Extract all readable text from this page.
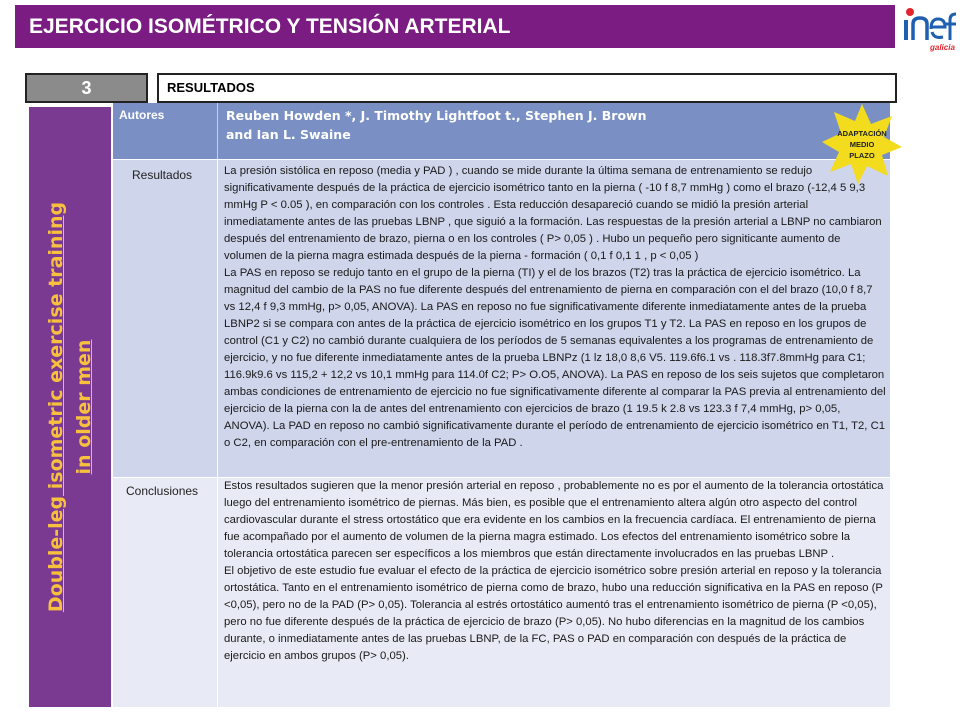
EJERCICIO ISOMÉTRICO Y TENSIÓN ARTERIAL
galicia
3	RESULTADOS
Double-leg isometric exercise training in older men
Autores	Reuben Howden *, J. Timothy Lightfoot t., Stephen J. Brown
and Ian L. Swaine
Resultados	La presión sistólica en reposo (media y PAD ) , cuando se mide durante la última semana de entrenamiento se redujo significativamente después de la práctica de ejercicio isométrico tanto en la pierna ( -10 f 8,7 mmHg ) como el brazo (-12,4 5 9,3 mmHg P < 0.05 ), en comparación con los controles . Esta reducción desapareció cuando se midió la presión arterial inmediatamente antes de las pruebas LBNP , que siguió a la formación. Las respuestas de la presión arterial a LBNP no cambiaron después del entrenamiento de brazo, pierna o en los controles ( P> 0,05 ) . Hubo un pequeño pero signiticante aumento de volumen de la pierna magra estimada después de la pierna - formación ( 0,1 f 0,1 1 , p < 0,05 )
La PAS en reposo se redujo tanto en el grupo de la pierna (TI) y el de los brazos (T2) tras la práctica de ejercicio isométrico. La magnitud del cambio de la PAS no fue diferente después del entrenamiento de pierna en comparación con el del brazo (10,0 f 8,7 vs 12,4 f 9,3 mmHg, p> 0,05, ANOVA). La PAS en reposo no fue significativamente diferente inmediatamente antes de la prueba LBNP2 si se compara con antes de la práctica de ejercicio isométrico en los grupos T1 y T2. La PAS en reposo en los grupos de control (C1 y C2) no cambió durante cualquiera de los períodos de 5 semanas equivalentes a los programas de entrenamiento de ejercicio, y no fue diferente inmediatamente antes de la prueba LBNPz (1 lz 18,0 8,6 V5. 119.6f6.1 vs . 118.3f7.8mmHg para C1; 116.9k9.6 vs 115,2 + 12,2 vs 10,1 mmHg para 114.0f C2; P> O.O5, ANOVA). La PAS en reposo de los seis sujetos que completaron ambas condiciones de entrenamiento de ejercicio no fue significativamente diferente al comparar la PAS previa al entrenamiento del ejercicio de la pierna con la de antes del entrenamiento con ejercicios de brazo (1 19.5 k 2.8 vs 123.3 f 7,4 mmHg, p> 0,05, ANOVA). La PAD en reposo no cambió significativamente durante el período de entrenamiento de ejercicio isométrico en T1, T2, C1 o C2, en comparación con el pre-entrenamiento de la PAD .
Conclusiones Estos resultados sugieren que la menor presión arterial en reposo , probablemente no es por el aumento de la tolerancia ortostática luego del entrenamiento isométrico de piernas. Más bien, es posible que el entrenamiento altera algún otro aspecto del control cardiovascular durante el stress ortostático que era evidente en los cambios en la frecuencia cardíaca. El entrenamiento de pierna fue acompañado por el aumento de volumen de la pierna magra estimado. Los efectos del entrenamiento isométrico sobre la tolerancia ortostática parecen ser específicos a los miembros que están directamente involucrados en las pruebas LBNP .
El objetivo de este estudio fue evaluar el efecto de la práctica de ejercicio isométrico sobre presión arterial en reposo y la tolerancia ortostática. Tanto en el entrenamiento isométrico de pierna como de brazo, hubo una reducción significativa en la PAS en reposo (P <0,05), pero no de la PAD (P> 0,05). Tolerancia al estrés ortostático aumentó tras el entrenamiento isométrico de pierna (P <0,05), pero no fue diferente después de la práctica de ejercicio de brazo (P> 0,05). No hubo diferencias en la magnitud de los cambios durante, o inmediatamente antes de las pruebas LBNP, de la FC, PAS o PAD en comparación con después de la práctica de ejercicio en ambos grupos (P> 0,05).
ADAPTACIÓN
MEDIO
PLAZO
